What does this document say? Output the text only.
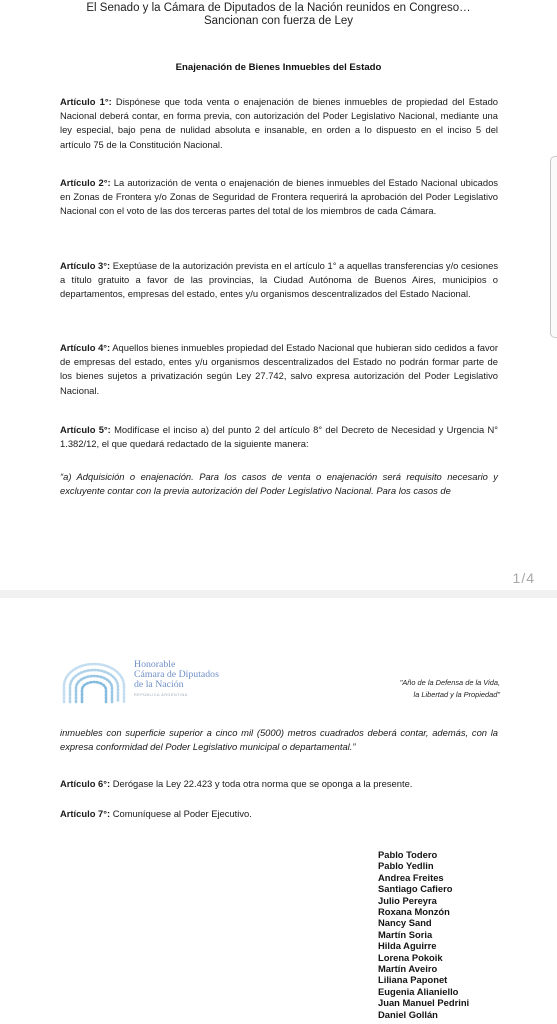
El Senado y la Cámara de Diputados de la Nación reunidos en Congreso…
Sancionan con fuerza de Ley
Enajenación de Bienes Inmuebles del Estado
Artículo 1°: Dispónese que toda venta o enajenación de bienes inmuebles de propiedad del Estado Nacional deberá contar, en forma previa, con autorización del Poder Legislativo Nacional, mediante una ley especial, bajo pena de nulidad absoluta e insanable, en orden a lo dispuesto en el inciso 5 del artículo 75 de la Constitución Nacional.
Artículo 2°: La autorización de venta o enajenación de bienes inmuebles del Estado Nacional ubicados en Zonas de Frontera y/o Zonas de Seguridad de Frontera requerirá la aprobación del Poder Legislativo Nacional con el voto de las dos terceras partes del total de los miembros de cada Cámara.
Artículo 3°: Exeptúase de la autorización prevista en el artículo 1° a aquellas transferencias y/o cesiones a título gratuito a favor de las provincias, la Ciudad Autónoma de Buenos Aires, municipios o departamentos, empresas del estado, entes y/u organismos descentralizados del Estado Nacional.
Artículo 4°: Aquellos bienes inmuebles propiedad del Estado Nacional que hubieran sido cedidos a favor de empresas del estado, entes y/u organismos descentralizados del Estado no podrán formar parte de los bienes sujetos a privatización según Ley 27.742, salvo expresa autorización del Poder Legislativo Nacional.
Artículo 5°: Modifícase el inciso a) del punto 2 del artículo 8° del Decreto de Necesidad y Urgencia N° 1.382/12, el que quedará redactado de la siguiente manera:
“a) Adquisición o enajenación. Para los casos de venta o enajenación será requisito necesario y excluyente contar con la previa autorización del Poder Legislativo Nacional. Para los casos de
1/4
Honorable
Cámara de Diputados
de la Nación
REPÚBLICA ARGENTINA
"Año de la Defensa de la Vida,
la Libertad y la Propiedad"
inmuebles con superficie superior a cinco mil (5000) metros cuadrados deberá contar, además, con la expresa conformidad del Poder Legislativo municipal o departamental.”
Artículo 6°: Derógase la Ley 22.423 y toda otra norma que se oponga a la presente.
Artículo 7°: Comuníquese al Poder Ejecutivo.
Pablo Todero
Pablo Yedlin
Andrea Freites
Santiago Cafiero
Julio Pereyra
Roxana Monzón
Nancy Sand
Martín Soria
Hilda Aguirre
Lorena Pokoik
Martín Aveiro
Liliana Paponet
Eugenia Alianiello
Juan Manuel Pedrini
Daniel Gollán
